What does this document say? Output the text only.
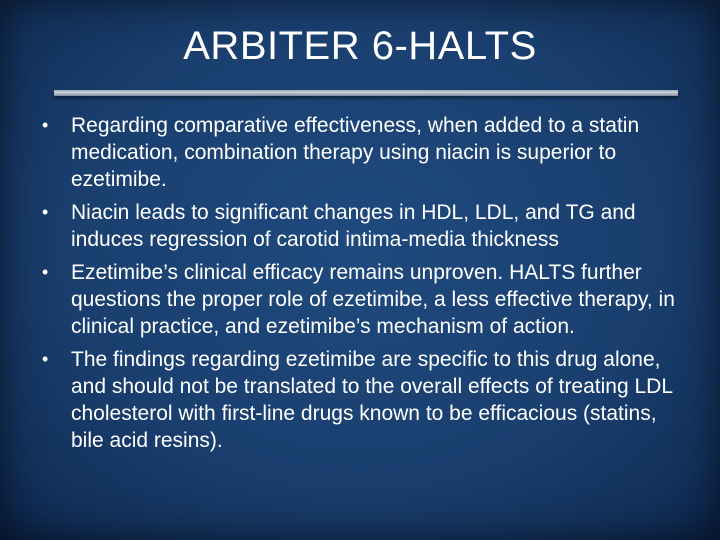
ARBITER 6-HALTS
• Regarding comparative effectiveness, when added to a statin medication, combination therapy using niacin is superior to ezetimibe.
• Niacin leads to significant changes in HDL, LDL, and TG and induces regression of carotid intima-media thickness
• Ezetimibe’s clinical efficacy remains unproven. HALTS further questions the proper role of ezetimibe, a less effective therapy, in clinical practice, and ezetimibe’s mechanism of action.
• The findings regarding ezetimibe are specific to this drug alone, and should not be translated to the overall effects of treating LDL cholesterol with first-line drugs known to be efficacious (statins, bile acid resins).
